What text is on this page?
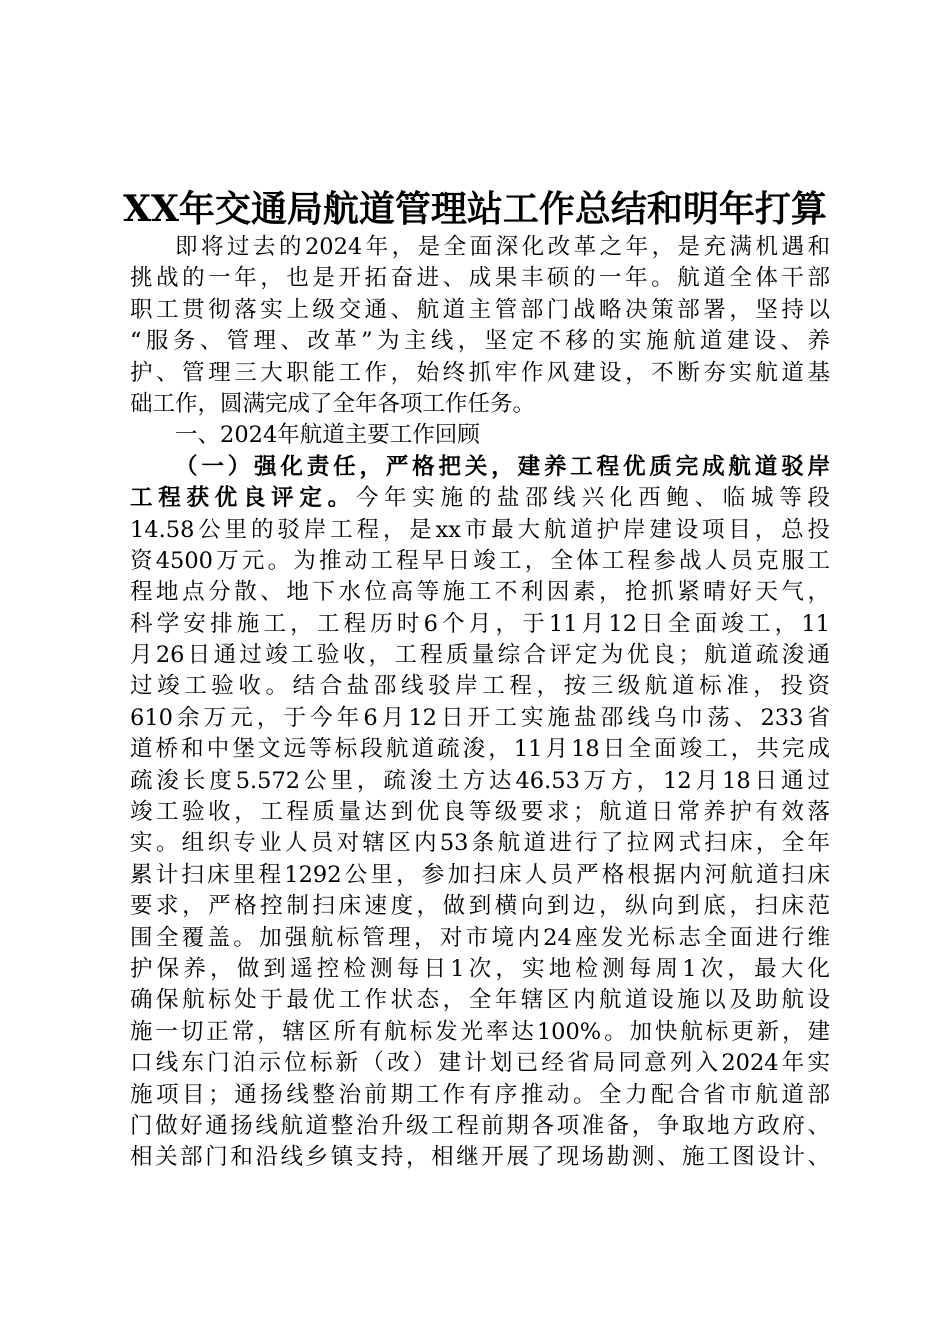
XX年交通局航道管理站工作总结和明年打算
即将过去的2024年，是全面深化改革之年，是充满机遇和
挑战的一年，也是开拓奋进、成果丰硕的一年。航道全体干部
职工贯彻落实上级交通、航道主管部门战略决策部署，坚持以
“服务、管理、改革”为主线，坚定不移的实施航道建设、养
护、管理三大职能工作，始终抓牢作风建设，不断夯实航道基
础工作，圆满完成了全年各项工作任务。
一、2024年航道主要工作回顾
（一）强化责任，严格把关，建养工程优质完成航道驳岸
工程获优良评定。今年实施的盐邵线兴化西鲍、临城等段
14.58公里的驳岸工程，是xx市最大航道护岸建设项目，总投
资4500万元。为推动工程早日竣工，全体工程参战人员克服工
程地点分散、地下水位高等施工不利因素，抢抓紧晴好天气，
科学安排施工，工程历时6个月，于11月12日全面竣工，11
月26日通过竣工验收，工程质量综合评定为优良；航道疏浚通
过竣工验收。结合盐邵线驳岸工程，按三级航道标准，投资
610余万元，于今年6月12日开工实施盐邵线乌巾荡、233省
道桥和中堡文远等标段航道疏浚，11月18日全面竣工，共完成
疏浚长度5.572公里，疏浚土方达46.53万方，12月18日通过
竣工验收，工程质量达到优良等级要求；航道日常养护有效落
实。组织专业人员对辖区内53条航道进行了拉网式扫床，全年
累计扫床里程1292公里，参加扫床人员严格根据内河航道扫床
要求，严格控制扫床速度，做到横向到边，纵向到底，扫床范
围全覆盖。加强航标管理，对市境内24座发光标志全面进行维
护保养，做到遥控检测每日1次，实地检测每周1次，最大化
确保航标处于最优工作状态，全年辖区内航道设施以及助航设
施一切正常，辖区所有航标发光率达100%。加快航标更新，建
口线东门泊示位标新（改）建计划已经省局同意列入2024年实
施项目；通扬线整治前期工作有序推动。全力配合省市航道部
门做好通扬线航道整治升级工程前期各项准备，争取地方政府、
相关部门和沿线乡镇支持，相继开展了现场勘测、施工图设计、
